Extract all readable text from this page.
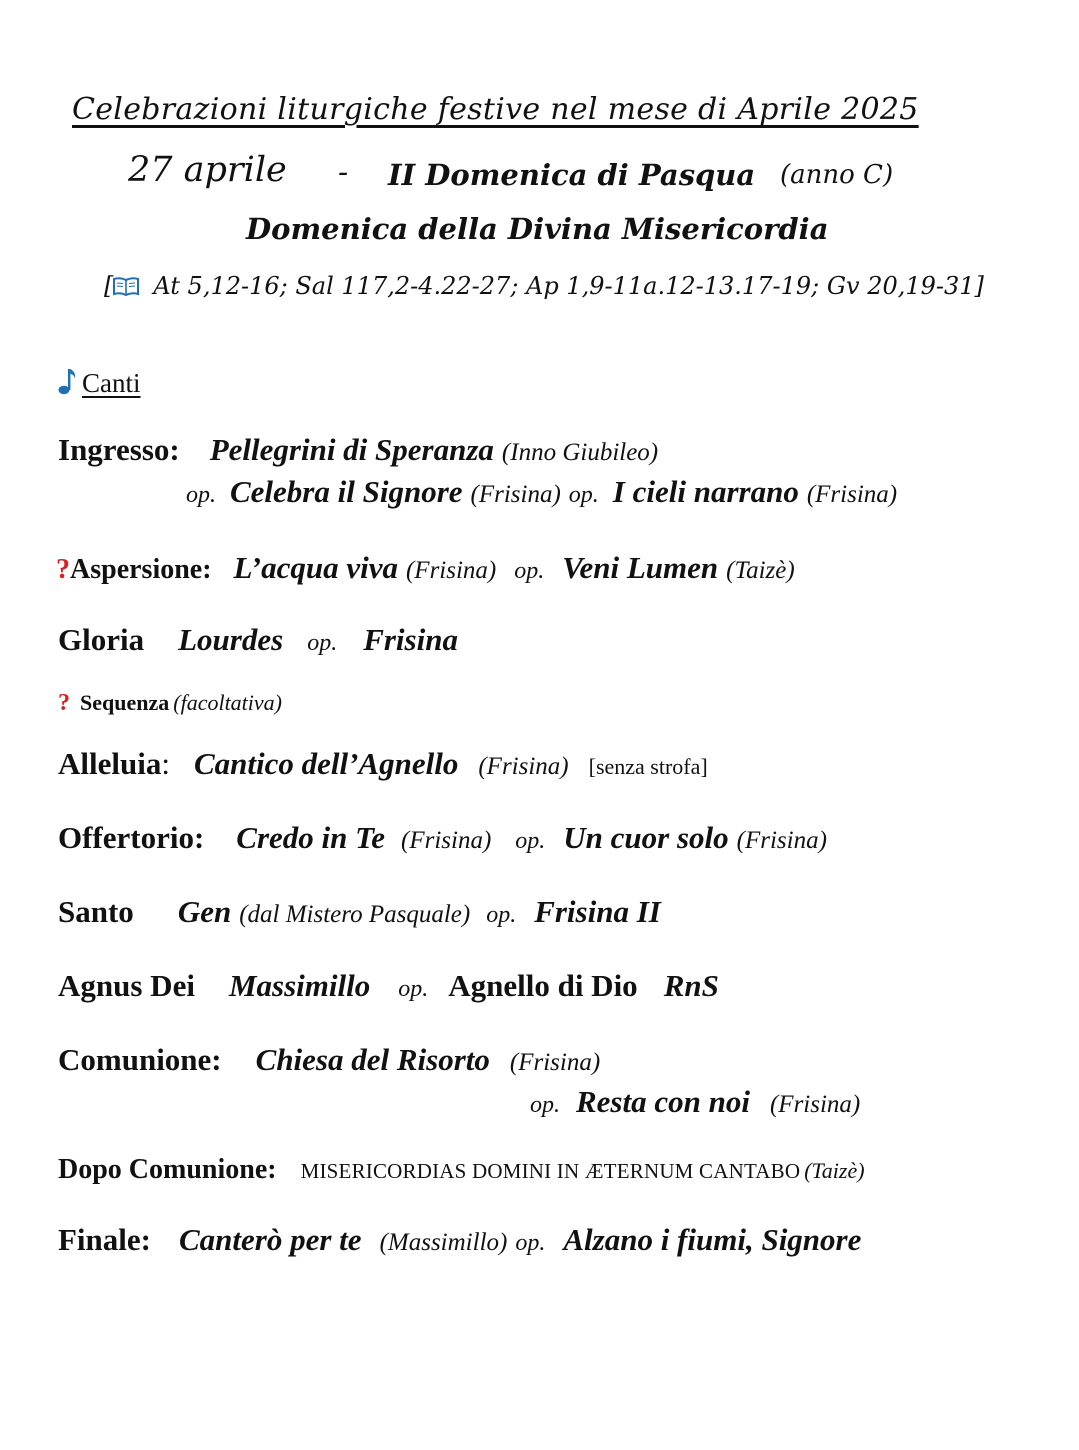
Celebrazioni liturgiche festive nel mese di Aprile 2025
27 aprile - II Domenica di Pasqua (anno C)
Domenica della Divina Misericordia
[ At 5,12-16; Sal 117,2-4.22-27; Ap 1,9-11a.12-13.17-19; Gv 20,19-31]
Canti
Ingresso: Pellegrini di Speranza (Inno Giubileo)
op. Celebra il Signore (Frisina) op. I cieli narrano (Frisina)
?Aspersione: L’acqua viva (Frisina) op. Veni Lumen (Taizè)
Gloria Lourdes op. Frisina
? Sequenza (facoltativa)
Alleluia: Cantico dell’Agnello (Frisina) [senza strofa]
Offertorio: Credo in Te (Frisina) op. Un cuor solo (Frisina)
Santo Gen (dal Mistero Pasquale) op. Frisina II
Agnus Dei Massimillo op. Agnello di Dio RnS
Comunione: Chiesa del Risorto (Frisina)
op. Resta con noi (Frisina)
Dopo Comunione: MISERICORDIAS DOMINI IN ÆTERNUM CANTABO (Taizè)
Finale: Canterò per te (Massimillo) op. Alzano i fiumi, Signore
